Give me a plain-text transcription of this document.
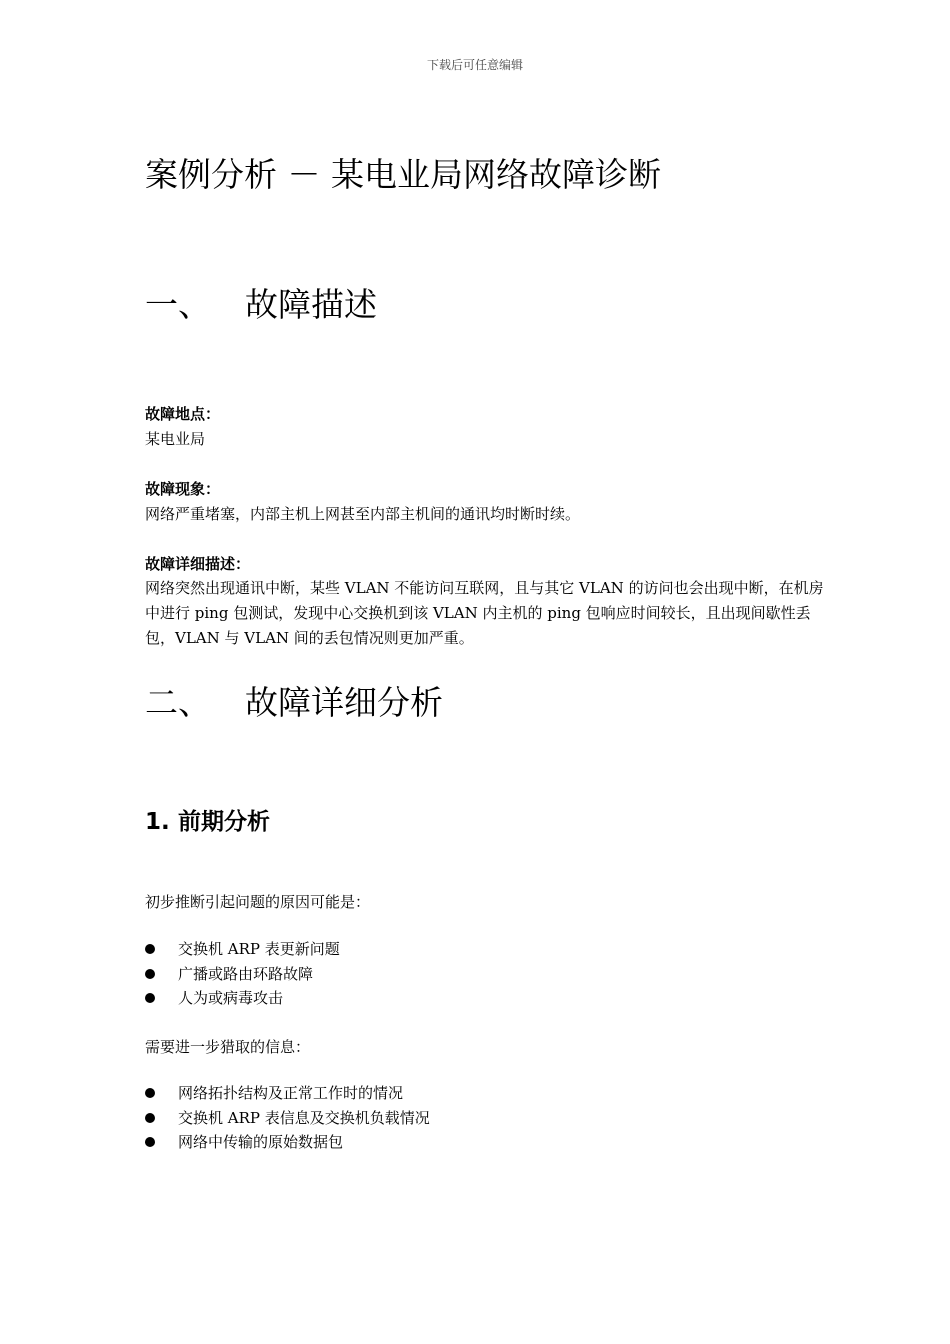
下载后可任意编辑
案例分析 － 某电业局网络故障诊断
一、 故障描述
故障地点：
某电业局
故障现象：
网络严重堵塞，内部主机上网甚至内部主机间的通讯均时断时续。
故障详细描述：
网络突然出现通讯中断，某些 VLAN 不能访问互联网，且与其它 VLAN 的访问也会出现中断，在机房中进行 ping 包测试，发现中心交换机到该 VLAN 内主机的 ping 包响应时间较长，且出现间歇性丢包，VLAN 与 VLAN 间的丢包情况则更加严重。
二、 故障详细分析
1. 前期分析
初步推断引起问题的原因可能是：
交换机 ARP 表更新问题
广播或路由环路故障
人为或病毒攻击
需要进一步猎取的信息：
网络拓扑结构及正常工作时的情况
交换机 ARP 表信息及交换机负载情况
网络中传输的原始数据包
